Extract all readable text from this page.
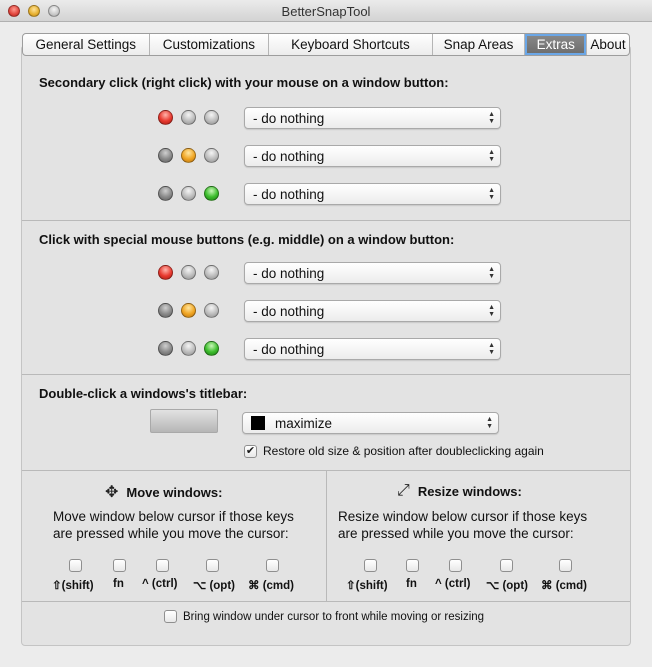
BetterSnapTool
General Settings	Customizations	Keyboard Shortcuts	Snap Areas	Extras	About
Secondary click (right click) with your mouse on a window button:
- do nothing	▲
▼
- do nothing	▲
▼
- do nothing	▲
▼
Click with special mouse buttons (e.g. middle) on a window button:
- do nothing	▲
▼
- do nothing	▲
▼
- do nothing	▲
▼
Double-click a windows's titlebar:
maximize	▲
▼
✔ Restore old size & position after doubleclicking again
✥ Move windows:
Move window below cursor if those keys
are pressed while you move the cursor:
⇧(shift) fn ^ (ctrl) ⌥ (opt) ⌘ (cmd)
⤢ Resize windows:
Resize window below cursor if those keys
are pressed while you move the cursor:
⇧(shift) fn ^ (ctrl) ⌥ (opt) ⌘ (cmd)
Bring window under cursor to front while moving or resizing
